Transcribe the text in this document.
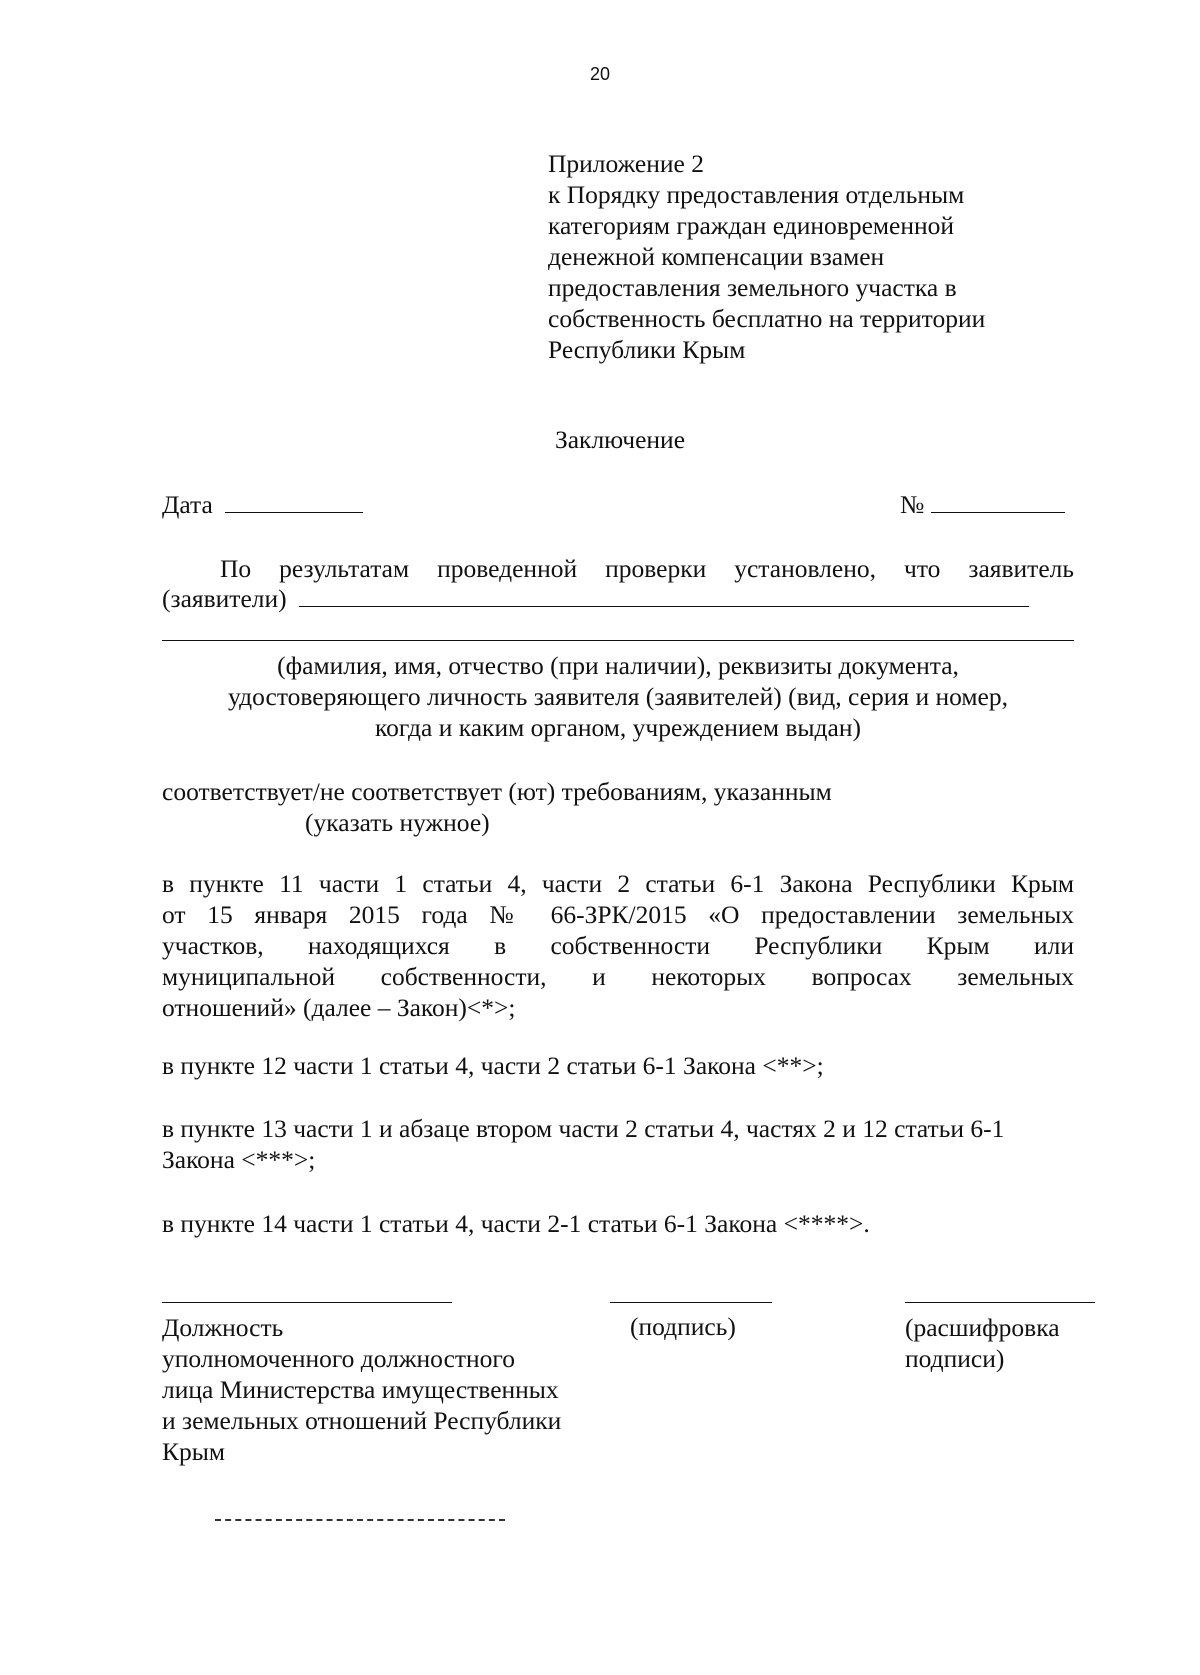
20
Приложение 2
к Порядку предоставления отдельным
категориям граждан единовременной
денежной компенсации взамен
предоставления земельного участка в
собственность бесплатно на территории
Республики Крым
Заключение
Дата	№
По результатам проведенной проверки установлено, что заявитель
(заявители)
(фамилия, имя, отчество (при наличии), реквизиты документа,
удостоверяющего личность заявителя (заявителей) (вид, серия и номер,
когда и каким органом, учреждением выдан)
соответствует/не соответствует (ют) требованиям, указанным
(указать нужное)
в пункте 11 части 1 статьи 4, части 2 статьи 6-1 Закона Республики Крым
от 15 января 2015 года № 66-ЗРК/2015 «О предоставлении земельных
участков, находящихся в собственности Республики Крым или
муниципальной собственности, и некоторых вопросах земельных
отношений» (далее – Закон)<*>;
в пункте 12 части 1 статьи 4, части 2 статьи 6-1 Закона <**>;
в пункте 13 части 1 и абзаце втором части 2 статьи 4, частях 2 и 12 статьи 6-1
Закона <***>;
в пункте 14 части 1 статьи 4, части 2-1 статьи 6-1 Закона <****>.
Должность
уполномоченного должностного
лица Министерства имущественных
и земельных отношений Республики
Крым
(подпись)	(расшифровка
подписи)
